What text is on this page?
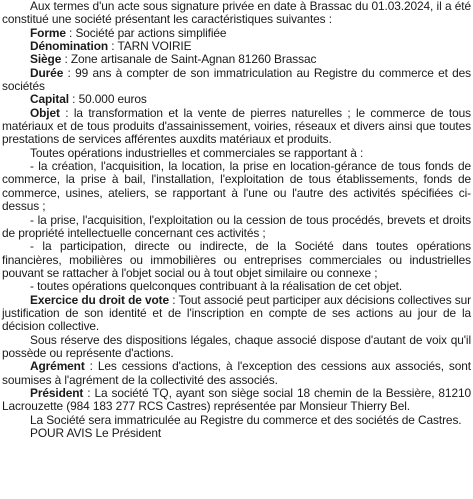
Aux termes d'un acte sous signature privée en date à Brassac du 01.03.2024, il a été constitué une société présentant les caractéristiques suivantes :

Forme : Société par actions simplifiée

Dénomination : TARN VOIRIE

Siège : Zone artisanale de Saint-Agnan 81260 Brassac

Durée : 99 ans à compter de son immatriculation au Registre du commerce et des sociétés

Capital : 50.000 euros

Objet : la transformation et la vente de pierres naturelles ; le commerce de tous matériaux et de tous produits d'assainissement, voiries, réseaux et divers ainsi que toutes prestations de services afférentes auxdits matériaux et produits.

Toutes opérations industrielles et commerciales se rapportant à :

- la création, l'acquisition, la location, la prise en location-gérance de tous fonds de commerce, la prise à bail, l'installation, l'exploitation de tous établissements, fonds de commerce, usines, ateliers, se rapportant à l'une ou l'autre des activités spécifiées ci-dessus ;

- la prise, l'acquisition, l'exploitation ou la cession de tous procédés, brevets et droits de propriété intellectuelle concernant ces activités ;

- la participation, directe ou indirecte, de la Société dans toutes opérations financières, mobilières ou immobilières ou entreprises commerciales ou industrielles pouvant se rattacher à l'objet social ou à tout objet similaire ou connexe ;

- toutes opérations quelconques contribuant à la réalisation de cet objet.

Exercice du droit de vote : Tout associé peut participer aux décisions collectives sur justification de son identité et de l'inscription en compte de ses actions au jour de la décision collective.

Sous réserve des dispositions légales, chaque associé dispose d'autant de voix qu'il possède ou représente d'actions.

Agrément : Les cessions d'actions, à l'exception des cessions aux associés, sont soumises à l'agrément de la collectivité des associés.

Président : La société TQ, ayant son siège social 18 chemin de la Bessière, 81210 Lacrouzette (984 183 277 RCS Castres) représentée par Monsieur Thierry Bel.

La Société sera immatriculée au Registre du commerce et des sociétés de Castres.

POUR AVIS Le Président
